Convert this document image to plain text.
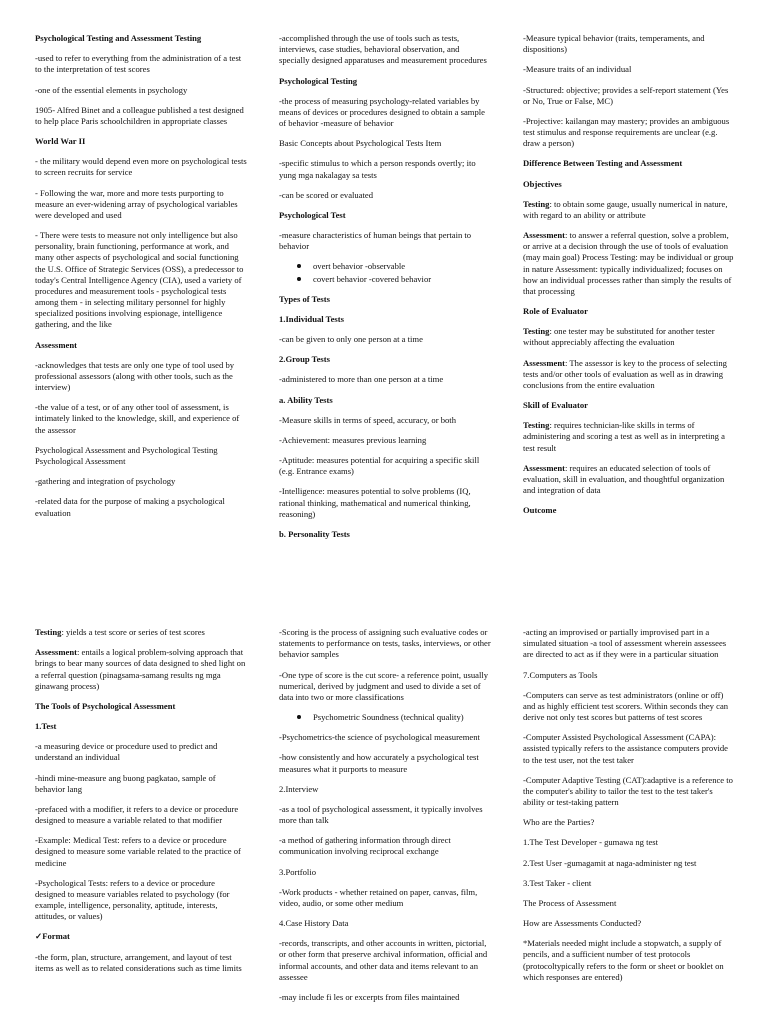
Psychological Testing and Assessment Testing

-used to refer to everything from the administration of a test to the interpretation of test scores

-one of the essential elements in psychology

1905- Alfred Binet and a colleague published a test designed to help place Paris schoolchildren in appropriate classes

World War II

- the military would depend even more on psychological tests to screen recruits for service

- Following the war, more and more tests purporting to measure an ever-widening array of psychological variables were developed and used

- There were tests to measure not only intelligence but also personality, brain functioning, performance at work, and many other aspects of psychological and social functioning the U.S. Office of Strategic Services (OSS), a predecessor to today's Central Intelligence Agency (CIA), used a variety of procedures and measurement tools - psychological tests among them - in selecting military personnel for highly specialized positions involving espionage, intelligence gathering, and the like

Assessment

-acknowledges that tests are only one type of tool used by professional assessors (along with other tools, such as the interview)

-the value of a test, or of any other tool of assessment, is intimately linked to the knowledge, skill, and experience of the assessor

Psychological Assessment and Psychological Testing Psychological Assessment

-gathering and integration of psychology

-related data for the purpose of making a psychological evaluation

-accomplished through the use of tools such as tests, interviews, case studies, behavioral observation, and specially designed apparatuses and measurement procedures

Psychological Testing

-the process of measuring psychology-related variables by means of devices or procedures designed to obtain a sample of behavior -measure of behavior

Basic Concepts about Psychological Tests Item

-specific stimulus to which a person responds overtly; ito yung mga nakalagay sa tests

-can be scored or evaluated

Psychological Test

-measure characteristics of human beings that pertain to behavior

overt behavior -observable
covert behavior -covered behavior

Types of Tests

1.Individual Tests

-can be given to only one person at a time

2.Group Tests

-administered to more than one person at a time

a. Ability Tests

-Measure skills in terms of speed, accuracy, or both

-Achievement: measures previous learning

-Aptitude: measures potential for acquiring a specific skill (e.g. Entrance exams)

-Intelligence: measures potential to solve problems (IQ, rational thinking, mathematical and numerical thinking, reasoning)

b. Personality Tests

-Measure typical behavior (traits, temperaments, and dispositions)

-Measure traits of an individual

-Structured: objective; provides a self-report statement (Yes or No, True or False, MC)

-Projective: kailangan may mastery; provides an ambiguous test stimulus and response requirements are unclear (e.g. draw a person)

Difference Between Testing and Assessment

Objectives

Testing: to obtain some gauge, usually numerical in nature, with regard to an ability or attribute

Assessment: to answer a referral question, solve a problem, or arrive at a decision through the use of tools of evaluation (may main goal) Process Testing: may be individual or group in nature Assessment: typically individualized; focuses on how an individual processes rather than simply the results of that processing

Role of Evaluator

Testing: one tester may be substituted for another tester without appreciably affecting the evaluation

Assessment: The assessor is key to the process of selecting tests and/or other tools of evaluation as well as in drawing conclusions from the entire evaluation

Skill of Evaluator

Testing: requires technician-like skills in terms of administering and scoring a test as well as in interpreting a test result

Assessment: requires an educated selection of tools of evaluation, skill in evaluation, and thoughtful organization and integration of data

Outcome

Testing: yields a test score or series of test scores

Assessment: entails a logical problem-solving approach that brings to bear many sources of data designed to shed light on a referral question (pinagsama-samang results ng mga ginawang process)

The Tools of Psychological Assessment

1.Test

-a measuring device or procedure used to predict and understand an individual

-hindi mine-measure ang buong pagkatao, sample of behavior lang

-prefaced with a modifier, it refers to a device or procedure designed to measure a variable related to that modifier

-Example: Medical Test: refers to a device or procedure designed to measure some variable related to the practice of medicine

-Psychological Tests: refers to a device or procedure designed to measure variables related to psychology (for example, intelligence, personality, aptitude, interests, attitudes, or values)

✓Format

-the form, plan, structure, arrangement, and layout of test items as well as to related considerations such as time limits

-Scoring is the process of assigning such evaluative codes or statements to performance on tests, tasks, interviews, or other behavior samples

-One type of score is the cut score- a reference point, usually numerical, derived by judgment and used to divide a set of data into two or more classifications

Psychometric Soundness (technical quality)

-Psychometrics-the science of psychological measurement

-how consistently and how accurately a psychological test measures what it purports to measure

2.Interview

-as a tool of psychological assessment, it typically involves more than talk

-a method of gathering information through direct communication involving reciprocal exchange

3.Portfolio

-Work products - whether retained on paper, canvas, film, video, audio, or some other medium

4.Case History Data

-records, transcripts, and other accounts in written, pictorial, or other form that preserve archival information, official and informal accounts, and other data and items relevant to an assessee

-may include fi les or excerpts from files maintained

-acting an improvised or partially improvised part in a simulated situation -a tool of assessment wherein assessees are directed to act as if they were in a particular situation

7.Computers as Tools

-Computers can serve as test administrators (online or off) and as highly efficient test scorers. Within seconds they can derive not only test scores but patterns of test scores

-Computer Assisted Psychological Assessment (CAPA): assisted typically refers to the assistance computers provide to the test user, not the test taker

-Computer Adaptive Testing (CAT):adaptive is a reference to the computer's ability to tailor the test to the test taker's ability or test-taking pattern

Who are the Parties?

1.The Test Developer - gumawa ng test

2.Test User -gumagamit at naga-administer ng test

3.Test Taker - client

The Process of Assessment

How are Assessments Conducted?

*Materials needed might include a stopwatch, a supply of pencils, and a sufficient number of test protocols (protocoltypically refers to the form or sheet or booklet on which responses are entered)
